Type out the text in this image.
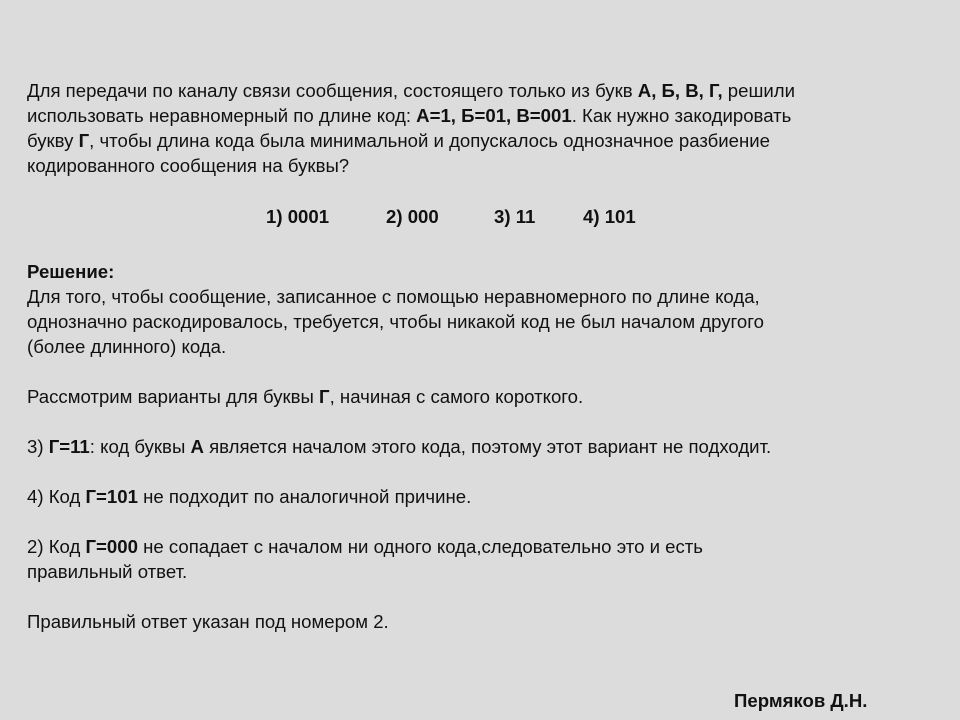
Для передачи по каналу связи сообщения, состоящего только из букв А, Б, В, Г, решили
использовать неравномерный по длине код: А=1, Б=01, В=001. Как нужно закодировать
букву Г, чтобы длина кода была минимальной и допускалось однозначное разбиение
кодированного сообщения на буквы?
1) 0001	2) 000	3) 11	4) 101
Решение:
Для того, чтобы сообщение, записанное с помощью неравномерного по длине кода,
однозначно раскодировалось, требуется, чтобы никакой код не был началом другого
(более длинного) кода.
Рассмотрим варианты для буквы Г, начиная с самого короткого.
3) Г=11: код буквы А является началом этого кода, поэтому этот вариант не подходит.
4) Код Г=101 не подходит по аналогичной причине.
2) Код Г=000 не сопадает с началом ни одного кода,следовательно это и есть
правильный ответ.
Правильный ответ указан под номером 2.
Пермяков Д.Н.
